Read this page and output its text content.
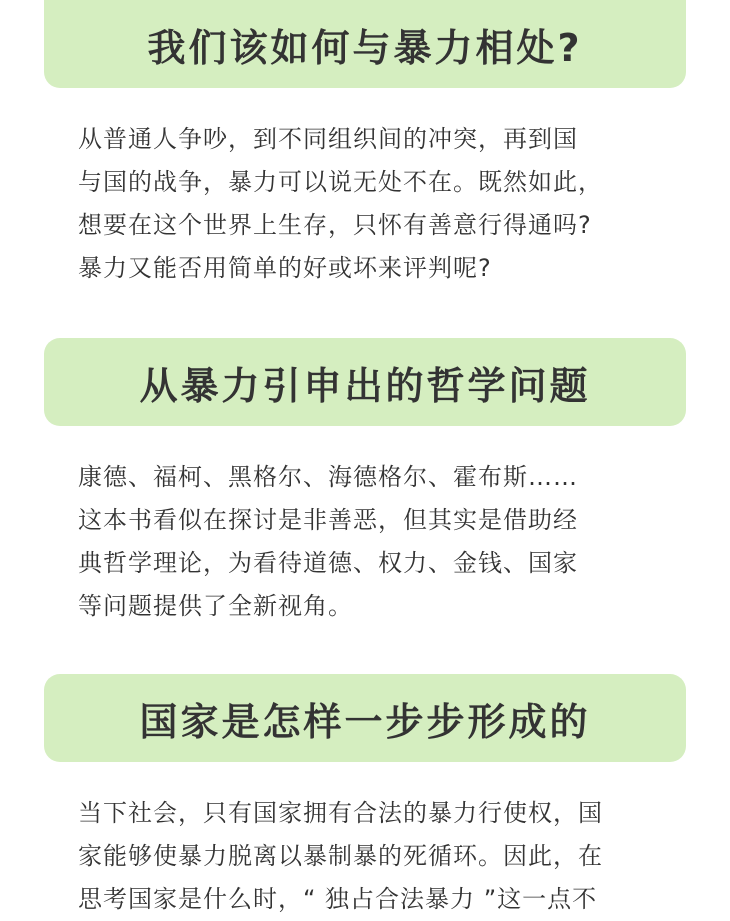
我们该如何与暴力相处?
从普通人争吵，到不同组织间的冲突，再到国
与国的战争，暴力可以说无处不在。既然如此，
想要在这个世界上生存，只怀有善意行得通吗?
暴力又能否用简单的好或坏来评判呢?
从暴力引申出的哲学问题
康德、福柯、黑格尔、海德格尔、霍布斯……
这本书看似在探讨是非善恶，但其实是借助经
典哲学理论，为看待道德、权力、金钱、国家
等问题提供了全新视角。
国家是怎样一步步形成的
当下社会，只有国家拥有合法的暴力行使权，国
家能够使暴力脱离以暴制暴的死循环。因此，在
思考国家是什么时，“ 独占合法暴力 ”这一点不
